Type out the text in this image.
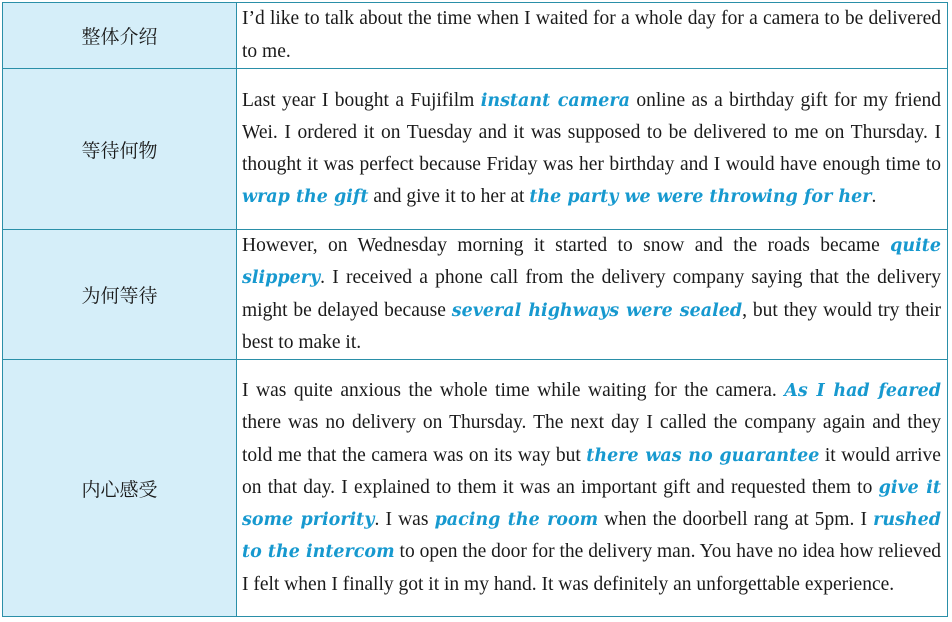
整体介绍	I’d like to talk about the time when I waited for a whole day for a camera to be delivered to me.
等待何物	Last year I bought a Fujifilm instant camera online as a birthday gift for my friend Wei. I ordered it on Tuesday and it was supposed to be delivered to me on Thursday. I thought it was perfect because Friday was her birthday and I would have enough time to wrap the gift and give it to her at the party we were throwing for her.
为何等待	However, on Wednesday morning it started to snow and the roads became quite slippery. I received a phone call from the delivery company saying that the delivery might be delayed because several highways were sealed, but they would try their best to make it.
内心感受	I was quite anxious the whole time while waiting for the camera. As I had feared there was no delivery on Thursday. The next day I called the company again and they told me that the camera was on its way but there was no guarantee it would arrive on that day. I explained to them it was an important gift and requested them to give it some priority. I was pacing the room when the doorbell rang at 5pm. I rushed to the intercom to open the door for the delivery man. You have no idea how relieved I felt when I finally got it in my hand. It was definitely an unforgettable experience.
